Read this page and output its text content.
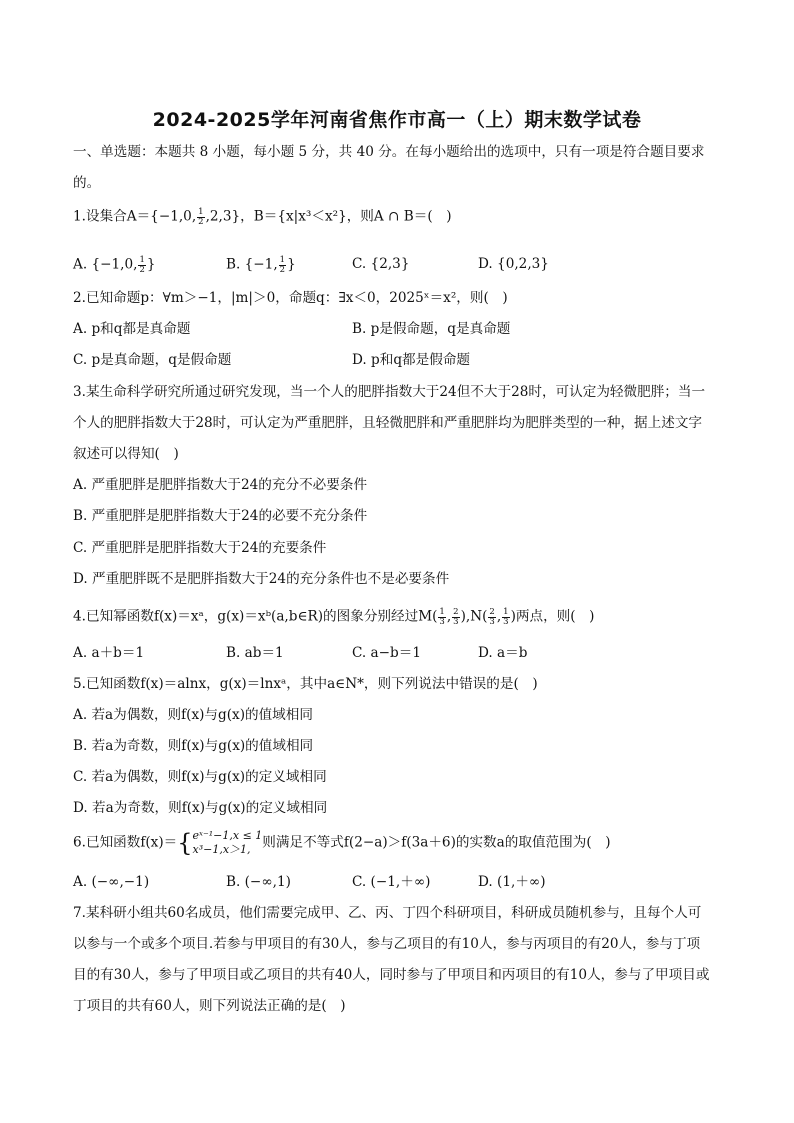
2024-2025学年河南省焦作市高一（上）期末数学试卷
一、单选题：本题共 8 小题，每小题 5 分，共 40 分。在每小题给出的选项中，只有一项是符合题目要求
的。
1.设集合A＝{−1,0, $\frac{1}{2} ,2,3$}，B＝{x|x³＜x²}，则A ∩ B＝(　)
A. {−1,0, $\frac{1}{2}$ }	B. {−1, $\frac{1}{2}$ }	C. {2,3}	D. {0,2,3}
2.已知命题p：∀m＞−1，|m|＞0，命题q：∃x＜0，2025ˣ＝x²，则(　)
A. p和q都是真命题	B. p是假命题，q是真命题
C. p是真命题，q是假命题	D. p和q都是假命题
3.某生命科学研究所通过研究发现，当一个人的肥胖指数大于24但不大于28时，可认定为轻微肥胖；当一
个人的肥胖指数大于28时，可认定为严重肥胖，且轻微肥胖和严重肥胖均为肥胖类型的一种，据上述文字
叙述可以得知(　)
A. 严重肥胖是肥胖指数大于24的充分不必要条件
B. 严重肥胖是肥胖指数大于24的必要不充分条件
C. 严重肥胖是肥胖指数大于24的充要条件
D. 严重肥胖既不是肥胖指数大于24的充分条件也不是必要条件
4.已知幂函数f(x)＝xᵃ，g(x)＝xᵇ(a,b∈R)的图象分别经过$M( \frac{1}{3}$ , $\frac{2}{3} ),N( \frac{2}{3}$ , $\frac{1}{3}$ )两点，则(　)
A. a＋b＝1	B. ab＝1	C. a−b＝1	D. a＝b
5.已知函数f(x)＝alnx，g(x)＝lnxᵃ，其中a∈N*，则下列说法中错误的是(　)
A. 若a为偶数，则f(x)与g(x)的值域相同
B. 若a为奇数，则f(x)与g(x)的值域相同
C. 若a为偶数，则f(x)与g(x)的定义域相同
D. 若a为奇数，则f(x)与g(x)的定义域相同
6.已知函数f(x)＝{ eˣ⁻¹−1,x ≤ 1
x³−1,x＞1, 则满足不等式f(2−a)＞f(3a＋6)的实数a的取值范围为(　)
A. (−∞,−1)	B. (−∞,1)	C. (−1,＋∞)	D. (1,＋∞)
7.某科研小组共60名成员，他们需要完成甲、乙、丙、丁四个科研项目，科研成员随机参与，且每个人可
以参与一个或多个项目.若参与甲项目的有30人，参与乙项目的有10人，参与丙项目的有20人，参与丁项
目的有30人，参与了甲项目或乙项目的共有40人，同时参与了甲项目和丙项目的有10人，参与了甲项目或
丁项目的共有60人，则下列说法正确的是(　)
